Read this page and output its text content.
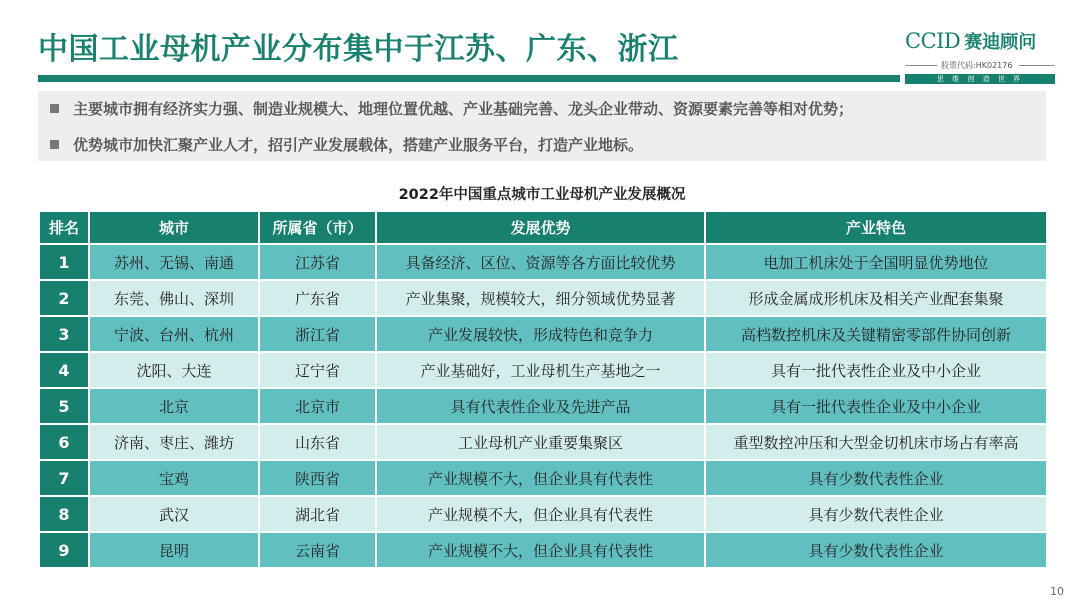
中国工业母机产业分布集中于江苏、广东、浙江	CCID 赛迪顾问
股票代码:HK02176
思 维 创 造 世 界
主要城市拥有经济实力强、制造业规模大、地理位置优越、产业基础完善、龙头企业带动、资源要素完善等相对优势；
优势城市加快汇聚产业人才，招引产业发展载体，搭建产业服务平台，打造产业地标。
2022年中国重点城市工业母机产业发展概况
排名	城市	所属省（市）	发展优势	产业特色
1	苏州、无锡、南通	江苏省	具备经济、区位、资源等各方面比较优势	电加工机床处于全国明显优势地位
2	东莞、佛山、深圳	广东省	产业集聚，规模较大，细分领域优势显著	形成金属成形机床及相关产业配套集聚
3	宁波、台州、杭州	浙江省	产业发展较快，形成特色和竞争力	高档数控机床及关键精密零部件协同创新
4	沈阳、大连	辽宁省	产业基础好，工业母机生产基地之一	具有一批代表性企业及中小企业
5	北京	北京市	具有代表性企业及先进产品	具有一批代表性企业及中小企业
6	济南、枣庄、潍坊	山东省	工业母机产业重要集聚区	重型数控冲压和大型金切机床市场占有率高
7	宝鸡	陕西省	产业规模不大，但企业具有代表性	具有少数代表性企业
8	武汉	湖北省	产业规模不大，但企业具有代表性	具有少数代表性企业
9	昆明	云南省	产业规模不大，但企业具有代表性	具有少数代表性企业
10
